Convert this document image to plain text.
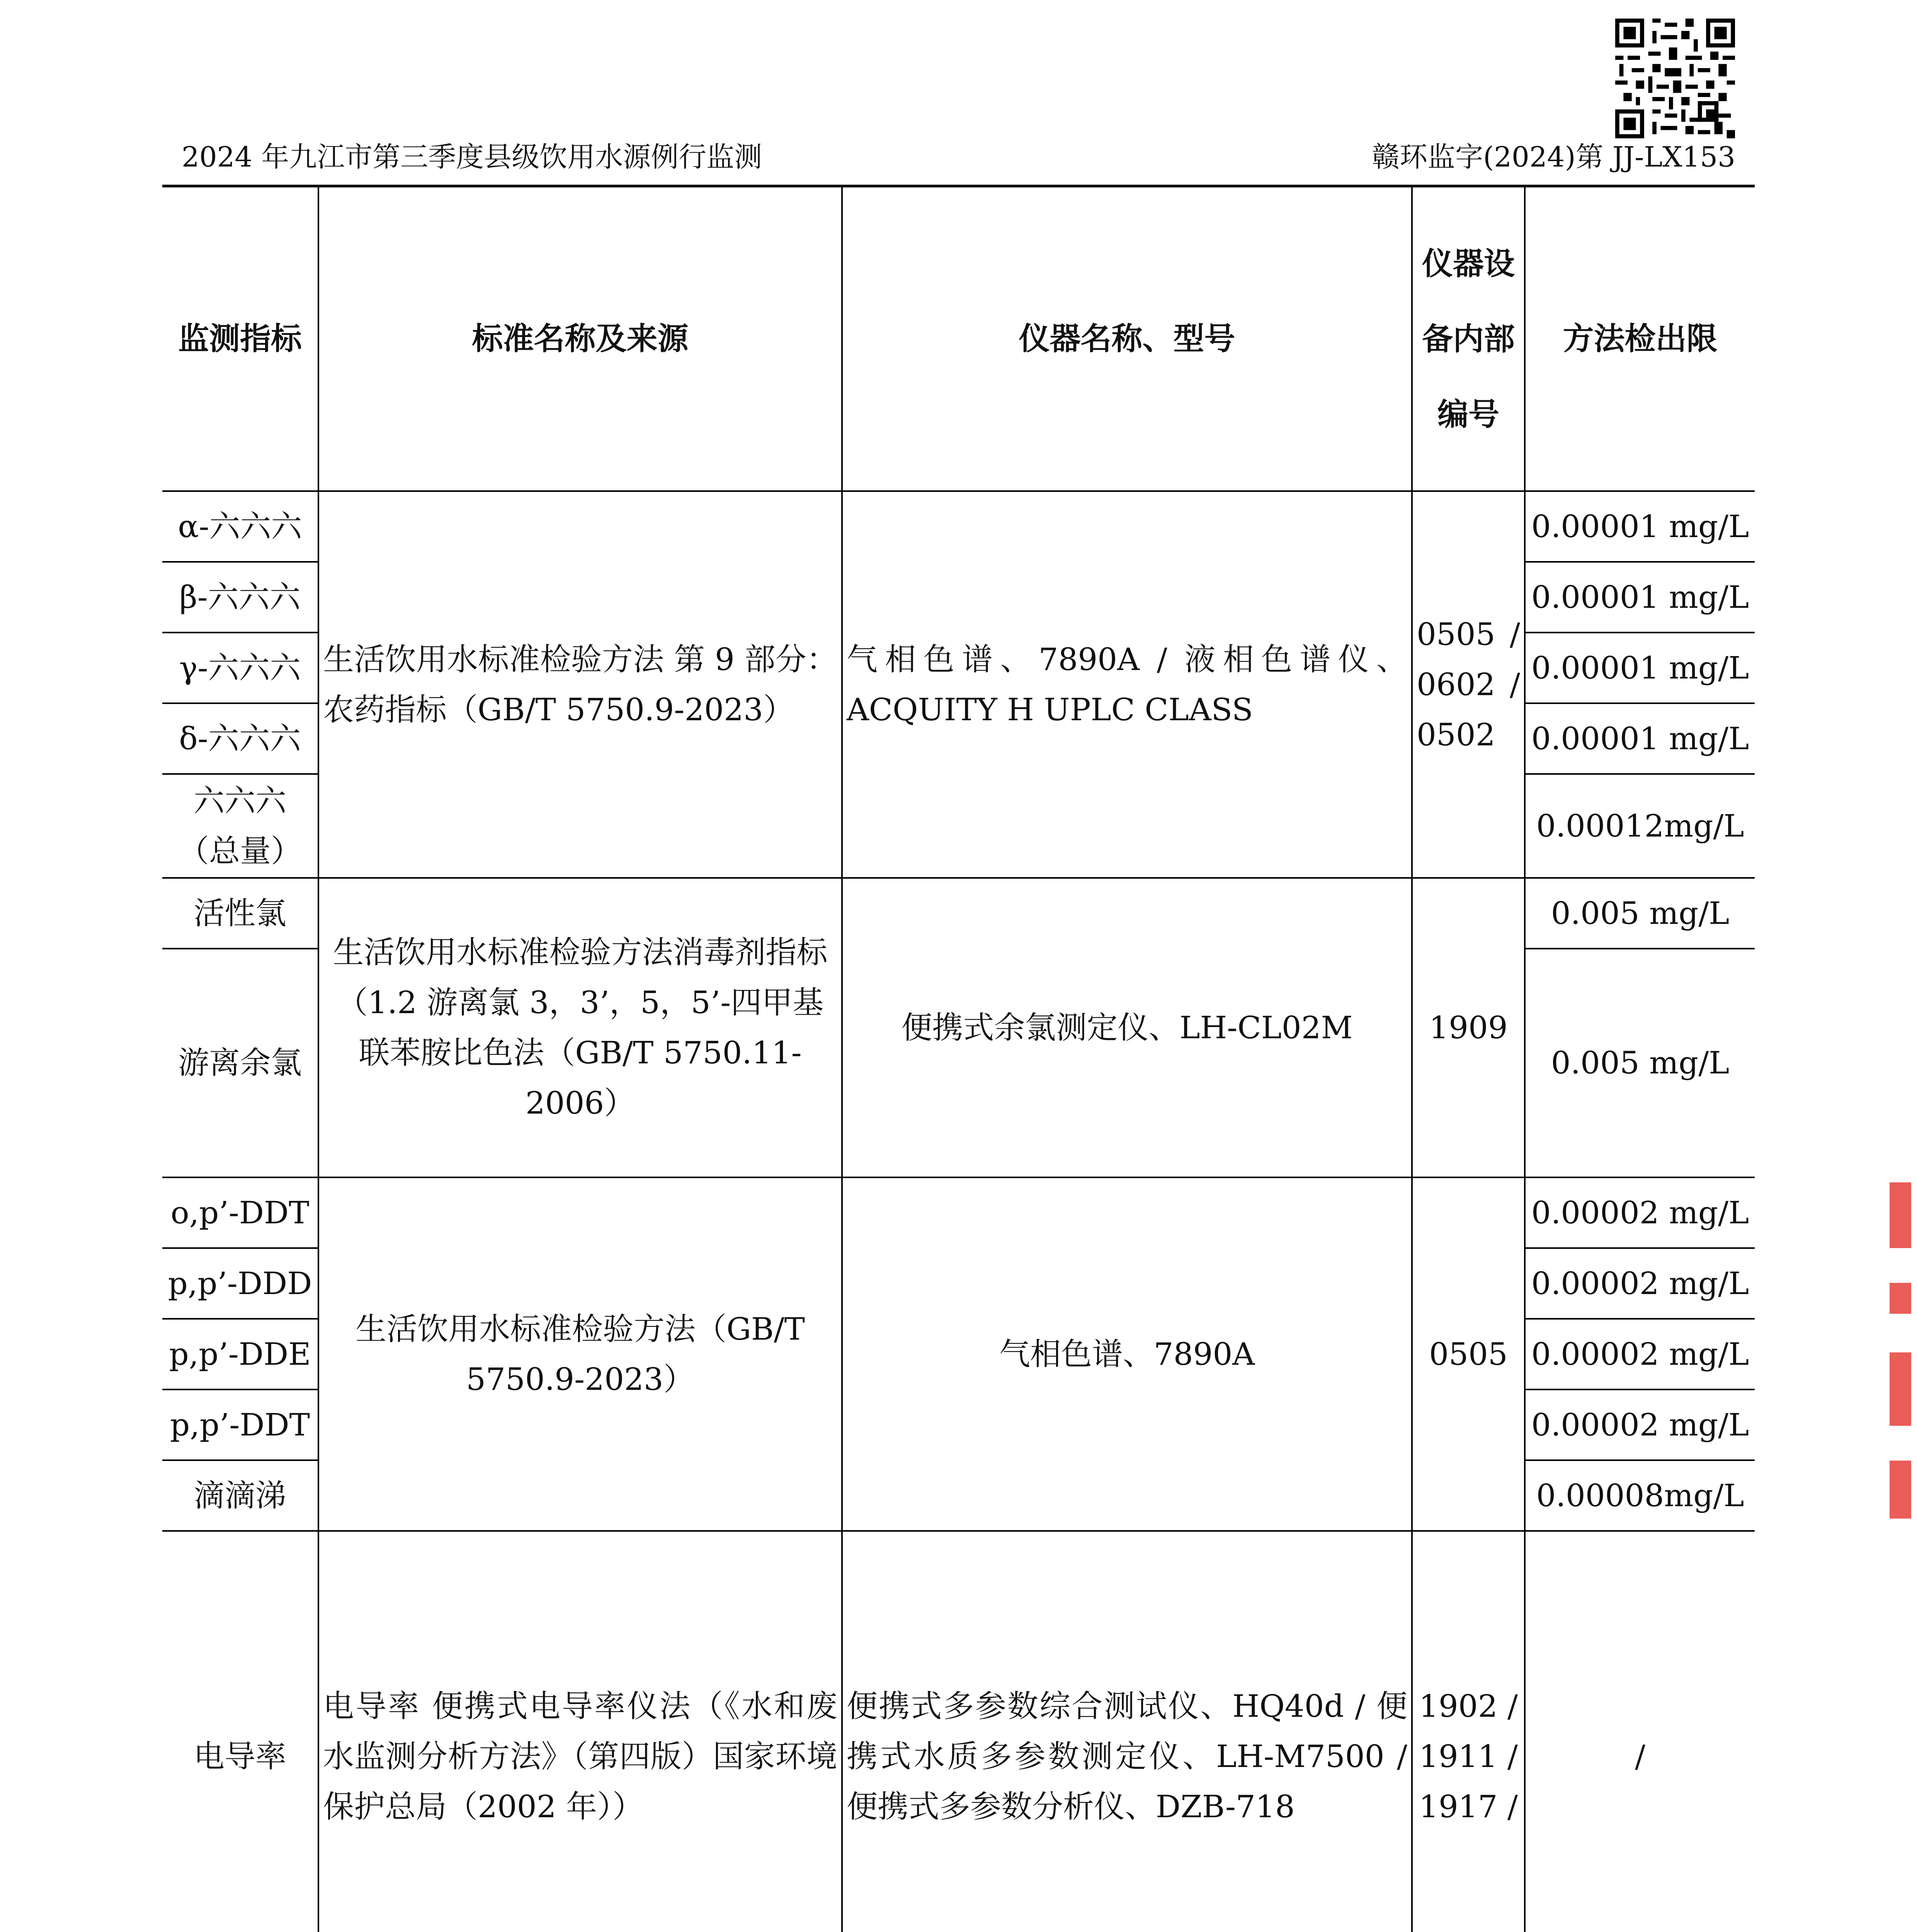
2024 年九江市第三季度县级饮用水源例行监测	赣环监字(2024)第 JJ-LX153
监测指标	标准名称及来源	仪器名称、型号	仪器设备内部编号	方法检出限
α-六六六	生活饮用水标准检验方法 第 9 部分：农药指标（GB/T 5750.9-2023）	气相色谱、7890A / 液相色谱仪、ACQUITY H UPLC CLASS	0505 / 0602 / 0502	0.00001 mg/L
β-六六六				0.00001 mg/L
γ-六六六				0.00001 mg/L
δ-六六六				0.00001 mg/L
六六六（总量）				0.00012mg/L
活性氯	生活饮用水标准检验方法消毒剂指标（1.2 游离氯 3，3’，5，5’-四甲基联苯胺比色法（GB/T 5750.11-2006）	便携式余氯测定仪、LH-CL02M	1909	0.005 mg/L
游离余氯				0.005 mg/L
o,p’-DDT	生活饮用水标准检验方法（GB/T 5750.9-2023）	气相色谱、7890A	0505	0.00002 mg/L
p,p’-DDD				0.00002 mg/L
p,p’-DDE				0.00002 mg/L
p,p’-DDT				0.00002 mg/L
滴滴涕				0.00008mg/L
电导率	电导率 便携式电导率仪法（《水和废水监测分析方法》（第四版）国家环境保护总局（2002 年））	便携式多参数综合测试仪、HQ40d / 便携式水质多参数测定仪、LH-M7500 / 便携式多参数分析仪、DZB-718	1902 / 1911 / 1917 /	/
